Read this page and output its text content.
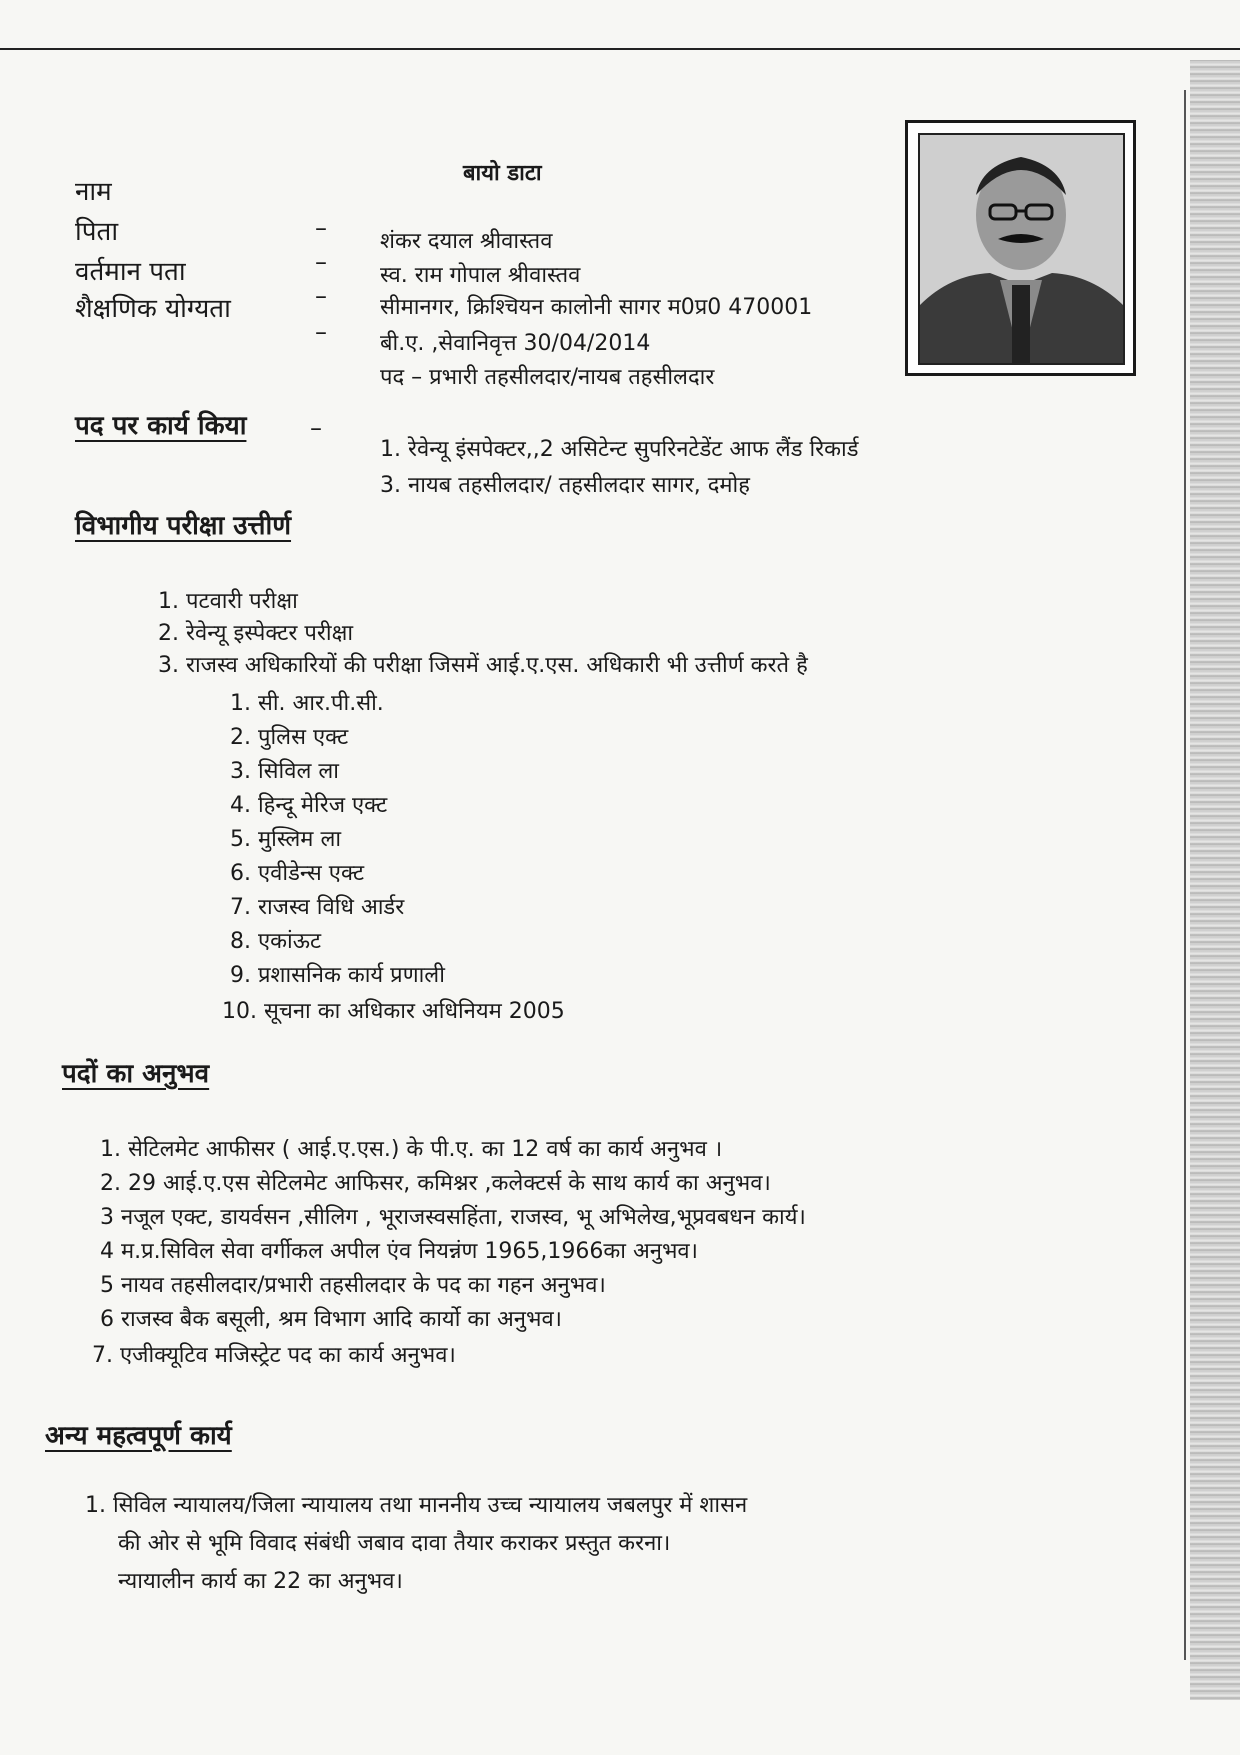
बायो डाटा
नाम
पिता
वर्तमान पता
शैक्षणिक योग्यता
–
–
–
–
शंकर दयाल श्रीवास्तव
स्व. राम गोपाल श्रीवास्तव
सीमानगर, क्रिश्चियन कालोनी सागर म0प्र0 470001
बी.ए. ,सेवानिवृत्त 30/04/2014
पद – प्रभारी तहसीलदार/नायब तहसीलदार
पद पर कार्य किया	–
1. रेवेन्यू इंसपेक्टर,,2 असिटेन्ट सुपरिनटेडेंट आफ लैंड रिकार्ड
3. नायब तहसीलदार/ तहसीलदार सागर, दमोह
विभागीय परीक्षा उत्तीर्ण
1. पटवारी परीक्षा
2. रेवेन्यू इस्पेक्टर परीक्षा
3. राजस्व अधिकारियों की परीक्षा जिसमें आई.ए.एस. अधिकारी भी उत्तीर्ण करते है
1. सी. आर.पी.सी.
2. पुलिस एक्ट
3. सिविल ला
4. हिन्दू मेरिज एक्ट
5. मुस्लिम ला
6. एवीडेन्स एक्ट
7. राजस्व विधि आर्डर
8. एकांऊट
9. प्रशासनिक कार्य प्रणाली
10. सूचना का अधिकार अधिनियम 2005
पदों का अनुभव
1. सेटिलमेट आफीसर ( आई.ए.एस.) के पी.ए. का 12 वर्ष का कार्य अनुभव ।
2. 29 आई.ए.एस सेटिलमेट आफिसर, कमिश्नर ,कलेक्टर्स के साथ कार्य का अनुभव।
3 नजूल एक्ट, डायर्वसन ,सीलिग , भूराजस्वसहिंता, राजस्व, भू अभिलेख,भूप्रवबधन कार्य।
4 म.प्र.सिविल सेवा वर्गीकल अपील एंव नियन्नंण 1965,1966का अनुभव।
5 नायव तहसीलदार/प्रभारी तहसीलदार के पद का गहन अनुभव।
6 राजस्व बैक बसूली, श्रम विभाग आदि कार्यो का अनुभव।
7. एजीक्यूटिव मजिस्ट्रेट पद का कार्य अनुभव।
अन्य महत्वपूर्ण कार्य
1. सिविल न्यायालय/जिला न्यायालय तथा माननीय उच्च न्यायालय जबलपुर में शासन
की ओर से भूमि विवाद संबंधी जबाव दावा तैयार कराकर प्रस्तुत करना।
न्यायालीन कार्य का 22 का अनुभव।
